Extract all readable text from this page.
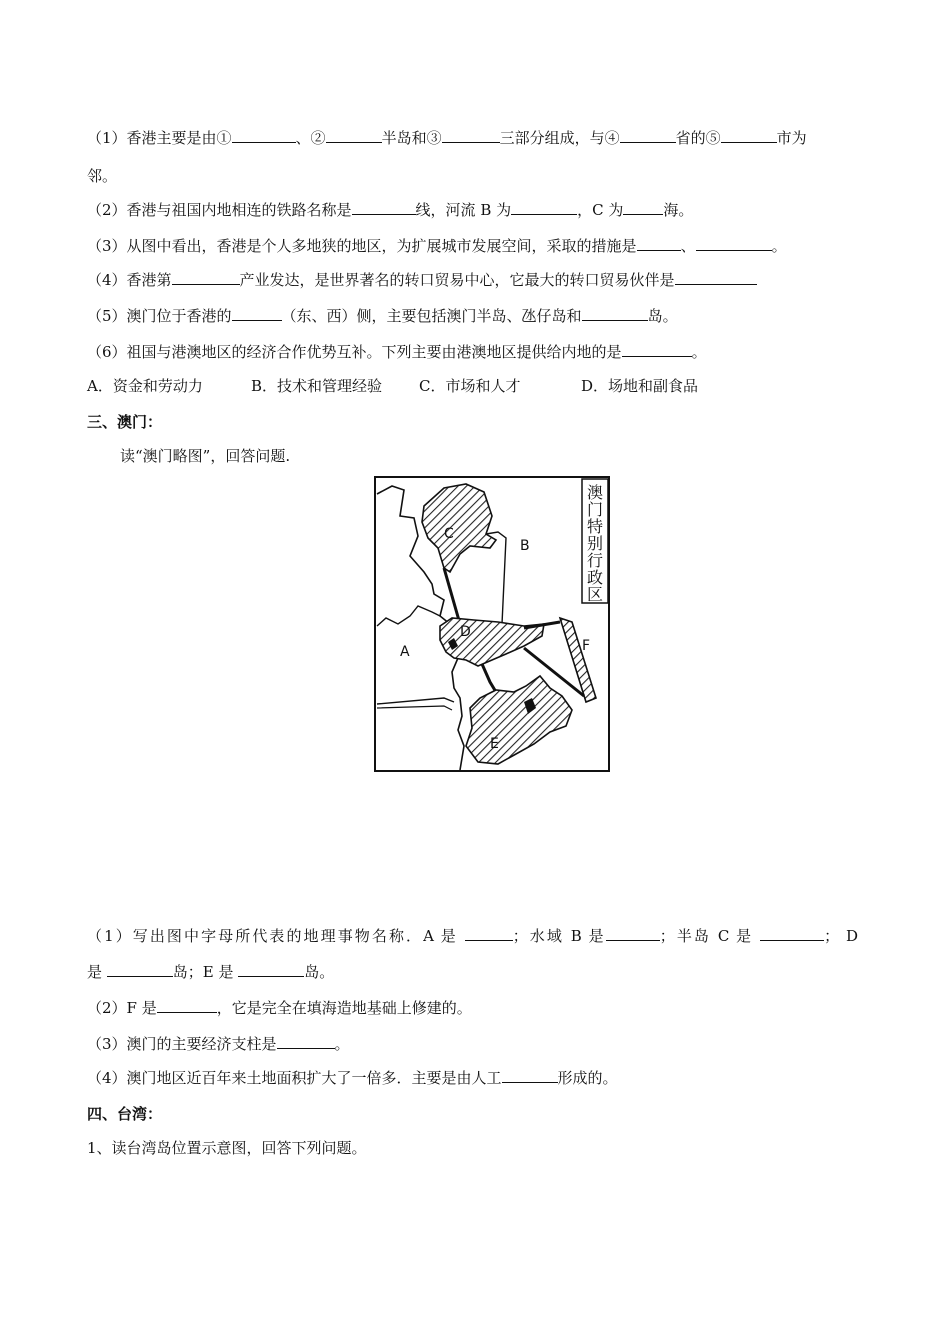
（1）香港主要是由①	、②	半岛和③	三部分组成，与④	省的⑤	市为
邻。
（2）香港与祖国内地相连的铁路名称是	线，河流 B 为	，C 为	海。
（3）从图中看出，香港是个人多地狭的地区，为扩展城市发展空间，采取的措施是	、	。
（4）香港第	产业发达，是世界著名的转口贸易中心，它最大的转口贸易伙伴是
（5）澳门位于香港的	（东、西）侧，主要包括澳门半岛、氹仔岛和	岛。
（6）祖国与港澳地区的经济合作优势互补。下列主要由港澳地区提供给内地的是	。
A．资金和劳动力	B．技术和管理经验 C．市场和人才	D．场地和副食品
三、澳门：
读“澳门略图”，回答问题.
C
B
D
A	F
E
澳
门
特
别
行
政
区
（1）写出图中字母所代表的地理事物名称．A 是	；水域 B 是	；半岛 C 是	； D
是	岛；E 是	岛。
（2）F 是	，它是完全在填海造地基础上修建的。
（3）澳门的主要经济支柱是	。
（4）澳门地区近百年来土地面积扩大了一倍多．主要是由人工	形成的。
四、台湾：
1、读台湾岛位置示意图，回答下列问题。
